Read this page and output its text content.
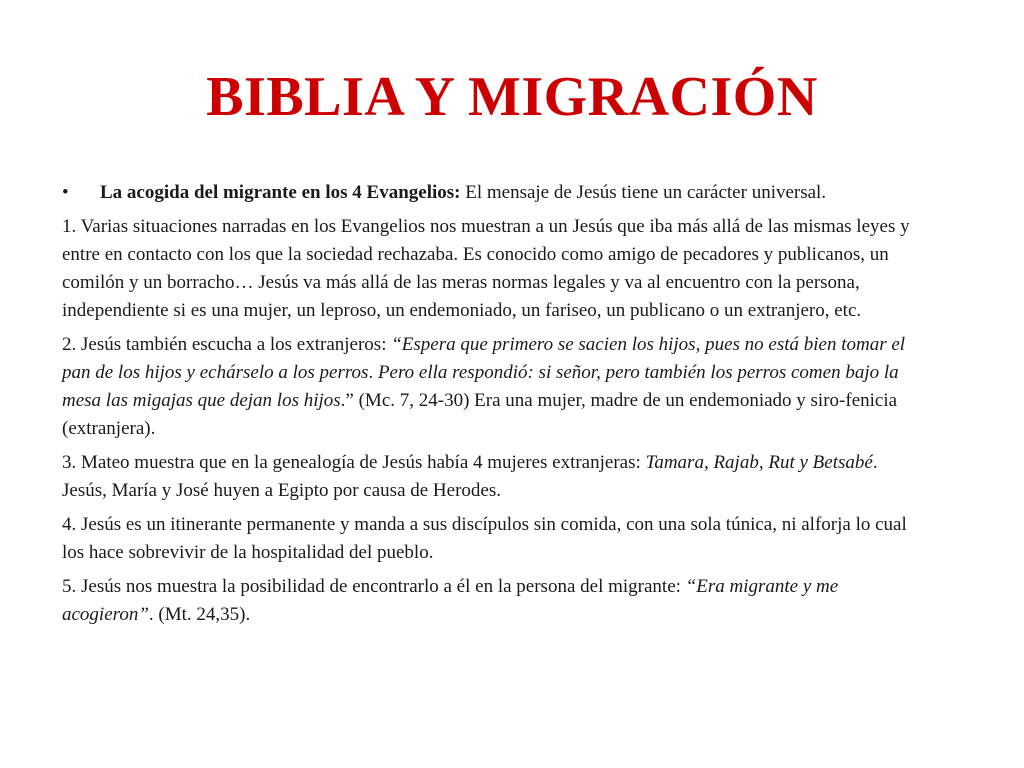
BIBLIA Y MIGRACIÓN
• La acogida del migrante en los 4 Evangelios: El mensaje de Jesús tiene un carácter universal.

1. Varias situaciones narradas en los Evangelios nos muestran a un Jesús que iba más allá de las mismas leyes y entre en contacto con los que la sociedad rechazaba. Es conocido como amigo de pecadores y publicanos, un comilón y un borracho… Jesús va más allá de las meras normas legales y va al encuentro con la persona, independiente si es una mujer, un leproso, un endemoniado, un fariseo, un publicano o un extranjero, etc.

2. Jesús también escucha a los extranjeros: “Espera que primero se sacien los hijos, pues no está bien tomar el pan de los hijos y echárselo a los perros. Pero ella respondió: si señor, pero también los perros comen bajo la mesa las migajas que dejan los hijos.” (Mc. 7, 24-30) Era una mujer, madre de un endemoniado y siro-fenicia (extranjera).

3. Mateo muestra que en la genealogía de Jesús había 4 mujeres extranjeras: Tamara, Rajab, Rut y Betsabé. Jesús, María y José huyen a Egipto por causa de Herodes.

4. Jesús es un itinerante permanente y manda a sus discípulos sin comida, con una sola túnica, ni alforja lo cual los hace sobrevivir de la hospitalidad del pueblo.

5. Jesús nos muestra la posibilidad de encontrarlo a él en la persona del migrante: “Era migrante y me acogieron”. (Mt. 24,35).
